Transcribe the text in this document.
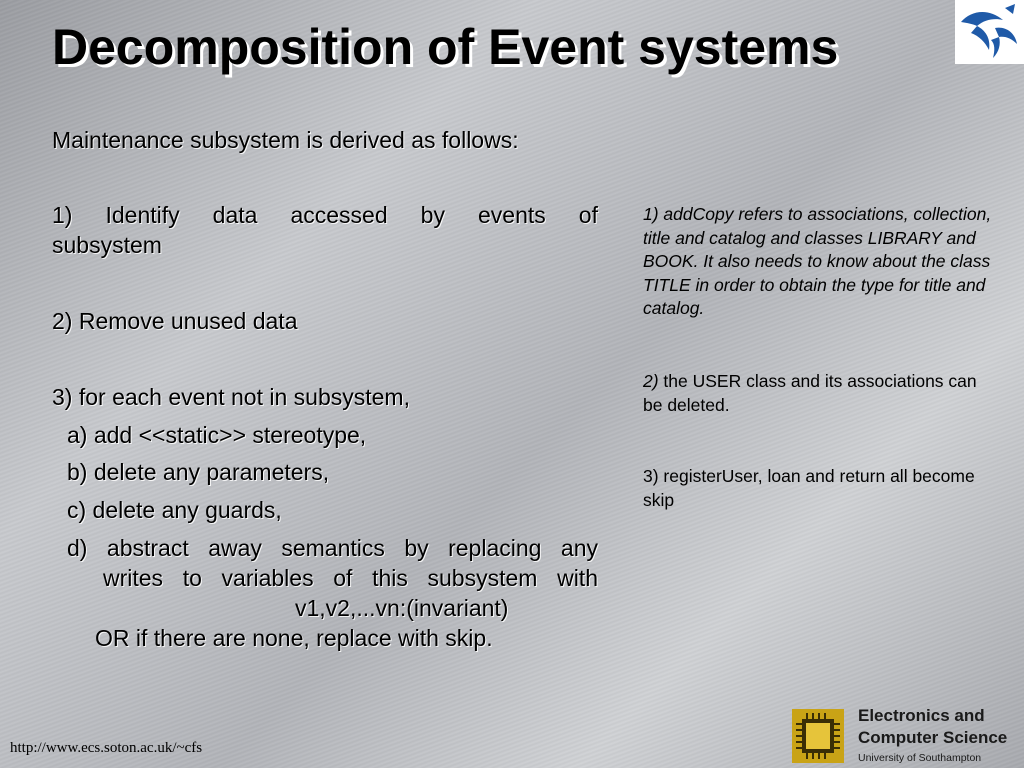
Decomposition of Event systems

Maintenance subsystem is derived as follows:

1) Identify data accessed by events of
subsystem

2) Remove unused data

3) for each event not in subsystem,

a) add <<static>> stereotype,

b) delete any parameters,

c) delete any guards,

d) abstract away semantics by replacing any
writes to variables of this subsystem with
v1,v2,...vn:(invariant)
OR if there are none, replace with skip.

1) addCopy refers to associations, collection, title and catalog and classes LIBRARY and BOOK. It also needs to know about the class TITLE in order to obtain the type for title and catalog.

2) the USER class and its associations can be deleted.

3) registerUser, loan and return all become skip

http://www.ecs.soton.ac.uk/~cfs
Electronics and
Computer Science
University of Southampton
